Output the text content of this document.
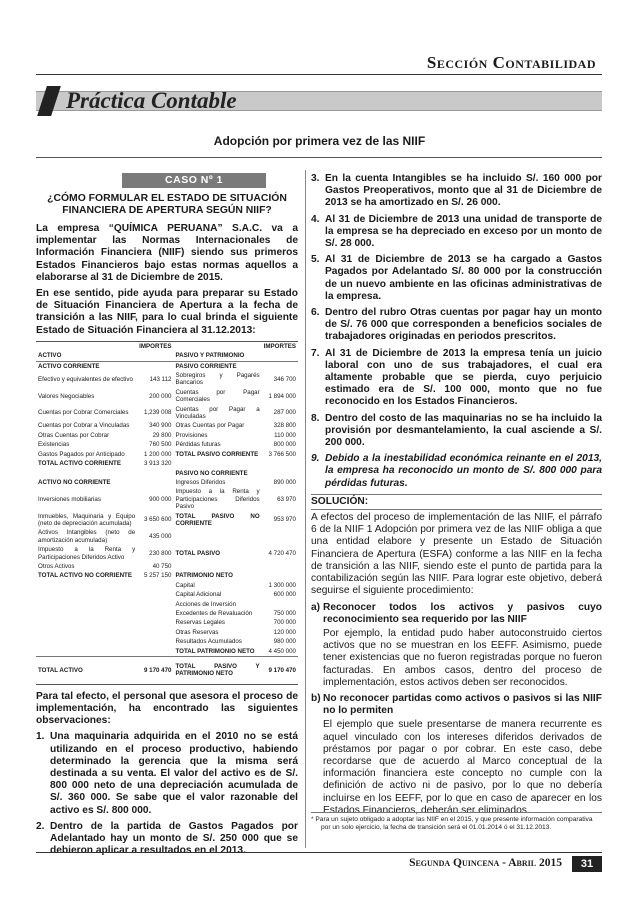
Sección Contabilidad
Práctica Contable
Adopción por primera vez de las NIIF
CASO Nº 1
¿CÓMO FORMULAR EL ESTADO DE SITUACIÓN FINANCIERA DE APERTURA SEGÚN NIIF?

La empresa “QUÍMICA PERUANA” S.A.C. va a implementar las Normas Internacionales de Información Financiera (NIIF) siendo sus primeros Estados Financieros bajo estas normas aquellos a elaborarse al 31 de Diciembre de 2015.

En ese sentido, pide ayuda para preparar su Estado de Situación Financiera de Apertura a la fecha de transición a las NIIF, para lo cual brinda el siguiente Estado de Situación Financiera al 31.12.2013:

	IMPORTES		IMPORTES
ACTIVO		PASIVO Y PATRIMONIO	
ACTIVO CORRIENTE		PASIVO CORRIENTE	
Efectivo y equivalentes de efectivo	143 112	Sobregiros y Pagarés Bancarios	346 700
Valores Negociables	200 000	Cuentas por Pagar Comerciales	1 894 000
Cuentas por Cobrar Comerciales	1,239 008	Cuentas por Pagar a Vinculadas	287 000
Cuentas por Cobrar a Vinculadas	340 900	Otras Cuentas por Pagar	328 800
Otras Cuentas por Cobrar	29 800	Provisiones	110 000
Existencias	760 500	Pérdidas futuras	800 000
Gastos Pagados por Anticipado	1 200 000	TOTAL PASIVO CORRIENTE	3 766 500
TOTAL ACTIVO CORRIENTE	3 913 320		
		PASIVO NO CORRIENTE	
ACTIVO NO CORRIENTE		Ingresos Diferidos	890 000
Inversiones mobiliarias	900 000	Impuesto a la Renta y Participaciones Diferidos Pasivo	63 970
Inmuebles, Maquinaria y Equipo (neto de depreciación acumulada)	3 650 600	TOTAL PASIVO NO CORRIENTE	953 970
Activos Intangibles (neto de amortización acumulada)	435 000		
Impuesto a la Renta y Participaciones Diferidos Activo	230 800	TOTAL PASIVO	4 720 470
Otros Activos	40 750		
TOTAL ACTIVO NO CORRIENTE	5 257 150	PATRIMONIO NETO	
		Capital	1 300 000
		Capital Adicional	600 000
		Acciones de Inversión	
		Excedentes de Revaluación	750 000
		Reservas Legales	700 000
		Otras Reservas	120 000
		Resultados Acumulados	980 000
		TOTAL PATRIMONIO NETO	4 450 000
TOTAL ACTIVO	9 170 470	TOTAL PASIVO Y PATRIMONIO NETO	9 170 470

Para tal efecto, el personal que asesora el proceso de implementación, ha encontrado las siguientes observaciones:

1. Una maquinaria adquirida en el 2010 no se está utilizando en el proceso productivo, habiendo determinado la gerencia que la misma será destinada a su venta. El valor del activo es de S/. 800 000 neto de una depreciación acumulada de S/. 360 000. Se sabe que el valor razonable del activo es S/. 800 000.
2. Dentro de la partida de Gastos Pagados por Adelantado hay un monto de S/. 250 000 que se debieron aplicar a resultados en el 2013.
3. En la cuenta Intangibles se ha incluido S/. 160 000 por Gastos Preoperativos, monto que al 31 de Diciembre de 2013 se ha amortizado en S/. 26 000.
4. Al 31 de Diciembre de 2013 una unidad de transporte de la empresa se ha depreciado en exceso por un monto de S/. 28 000.
5. Al 31 de Diciembre de 2013 se ha cargado a Gastos Pagados por Adelantado S/. 80 000 por la construcción de un nuevo ambiente en las oficinas administrativas de la empresa.
6. Dentro del rubro Otras cuentas por pagar hay un monto de S/. 76 000 que corresponden a beneficios sociales de trabajadores originadas en periodos prescritos.
7. Al 31 de Diciembre de 2013 la empresa tenía un juicio laboral con uno de sus trabajadores, el cual era altamente probable que se pierda, cuyo perjuicio estimado era de S/. 100 000, monto que no fue reconocido en los Estados Financieros.
8. Dentro del costo de las maquinarias no se ha incluido la provisión por desmantelamiento, la cual asciende a S/. 200 000.
9. Debido a la inestabilidad económica reinante en el 2013, la empresa ha reconocido un monto de S/. 800 000 para pérdidas futuras.
SOLUCIÓN:

A efectos del proceso de implementación de las NIIF, el párrafo 6 de la NIIF 1 Adopción por primera vez de las NIIF obliga a que una entidad elabore y presente un Estado de Situación Financiera de Apertura (ESFA) conforme a las NIIF en la fecha de transición a las NIIF, siendo este el punto de partida para la contabilización según las NIIF. Para lograr este objetivo, deberá seguirse el siguiente procedimiento:

a) Reconocer todos los activos y pasivos cuyo reconocimiento sea requerido por las NIIF

Por ejemplo, la entidad pudo haber autoconstruido ciertos activos que no se muestran en los EEFF. Asimismo, puede tener existencias que no fueron registradas porque no fueron facturadas. En ambos casos, dentro del proceso de implementación, estos activos deben ser reconocidos.

b) No reconocer partidas como activos o pasivos si las NIIF no lo permiten

El ejemplo que suele presentarse de manera recurrente es aquel vinculado con los intereses diferidos derivados de préstamos por pagar o por cobrar. En este caso, debe recordarse que de acuerdo al Marco conceptual de la información financiera este concepto no cumple con la definición de activo ni de pasivo, por lo que no debería incluirse en los EEFF, por lo que en caso de aparecer en los Estados Financieros, deberán ser eliminados.

* Para un sujeto obligado a adoptar las NIIF en el 2015, y que presente información comparativa por un solo ejercicio, la fecha de transición será el 01.01.2014 ó el 31.12.2013.
Segunda Quincena - Abril 2015	31
